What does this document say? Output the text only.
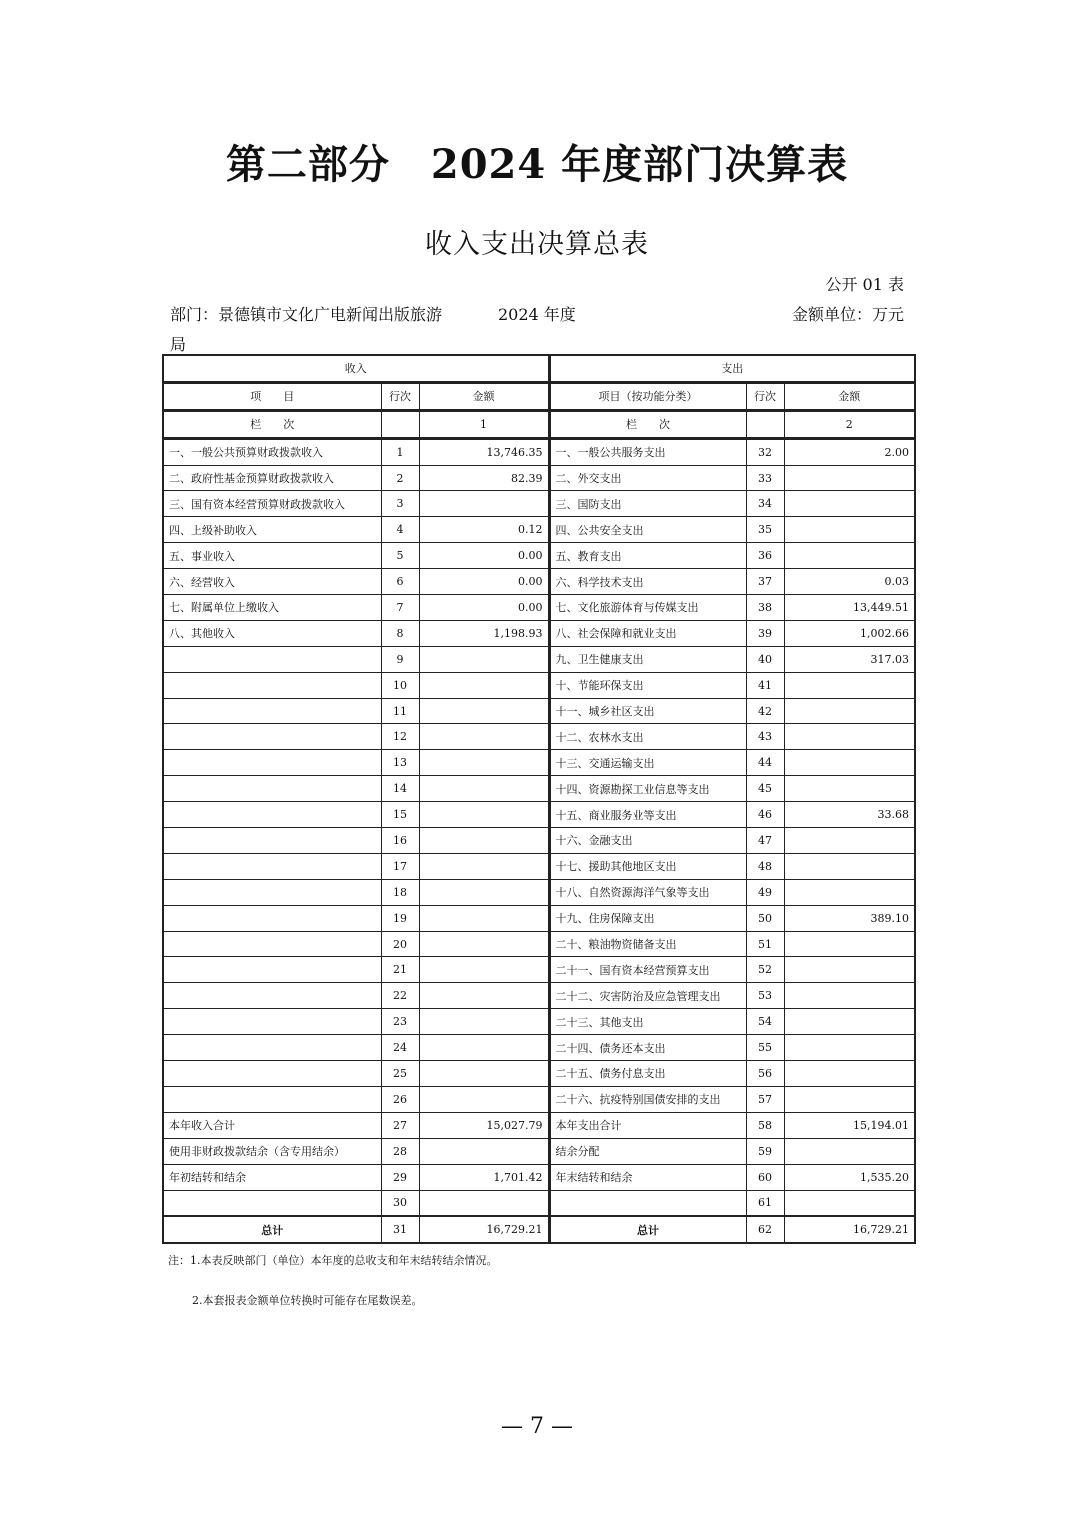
第二部分　2024 年度部门决算表
收入支出决算总表
公开 01 表
部门：景德镇市文化广电新闻出版旅游局
2024 年度	金额单位：万元
收入			支出		
项　　目	行次	金额	项目（按功能分类）	行次	金额
栏　　次		1	栏　　次		2
一、一般公共预算财政拨款收入	1	13,746.35	一、一般公共服务支出	32	2.00
二、政府性基金预算财政拨款收入	2	82.39	二、外交支出	33	
三、国有资本经营预算财政拨款收入	3		三、国防支出	34	
四、上级补助收入	4	0.12	四、公共安全支出	35	
五、事业收入	5	0.00	五、教育支出	36	
六、经营收入	6	0.00	六、科学技术支出	37	0.03
七、附属单位上缴收入	7	0.00	七、文化旅游体育与传媒支出	38	13,449.51
八、其他收入	8	1,198.93	八、社会保障和就业支出	39	1,002.66
	9		九、卫生健康支出	40	317.03
	10		十、节能环保支出	41	
	11		十一、城乡社区支出	42	
	12		十二、农林水支出	43	
	13		十三、交通运输支出	44	
	14		十四、资源勘探工业信息等支出	45	
	15		十五、商业服务业等支出	46	33.68
	16		十六、金融支出	47	
	17		十七、援助其他地区支出	48	
	18		十八、自然资源海洋气象等支出	49	
	19		十九、住房保障支出	50	389.10
	20		二十、粮油物资储备支出	51	
	21		二十一、国有资本经营预算支出	52	
	22		二十二、灾害防治及应急管理支出	53	
	23		二十三、其他支出	54	
	24		二十四、债务还本支出	55	
	25		二十五、债务付息支出	56	
	26		二十六、抗疫特别国债安排的支出	57	
本年收入合计	27	15,027.79	本年支出合计	58	15,194.01
使用非财政拨款结余（含专用结余）	28		结余分配	59	
年初结转和结余	29	1,701.42	年末结转和结余	60	1,535.20
	30			61	
总计	31	16,729.21	总计	62	16,729.21
注：1.本表反映部门（单位）本年度的总收支和年末结转结余情况。
2.本套报表金额单位转换时可能存在尾数误差。
— 7 —
